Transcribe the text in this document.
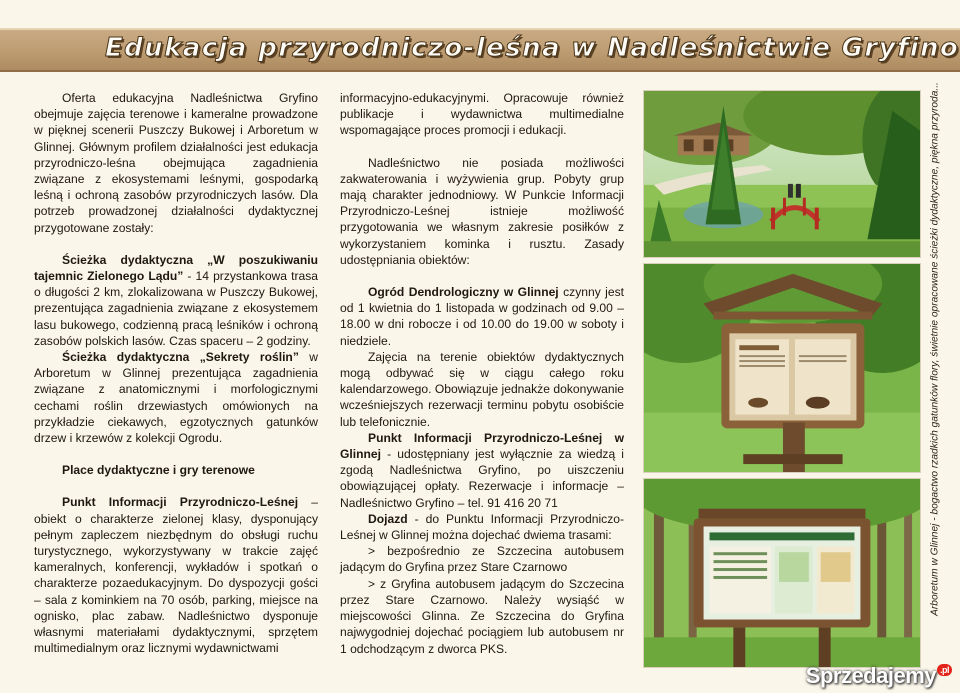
Edukacja przyrodniczo-leśna w Nadleśnictwie Gryfino

Oferta edukacyjna Nadleśnictwa Gryfino obejmuje zajęcia terenowe i kameralne prowadzone w pięknej scenerii Puszczy Bukowej i Arboretum w Glinnej. Głównym profilem działalności jest edukacja przyrodniczo-leśna obejmująca zagadnienia związane z ekosystemami leśnymi, gospodarką leśną i ochroną zasobów przyrodniczych lasów. Dla potrzeb prowadzonej działalności dydaktycznej przygotowane zostały:

Ścieżka dydaktyczna „W poszukiwaniu tajemnic Zielonego Lądu” - 14 przystankowa trasa o długości 2 km, zlokalizowana w Puszczy Bukowej, prezentująca zagadnienia związane z ekosystemem lasu bukowego, codzienną pracą leśników i ochroną zasobów polskich lasów. Czas spaceru – 2 godziny.

Ścieżka dydaktyczna „Sekrety roślin” w Arboretum w Glinnej prezentująca zagadnienia związane z anatomicznymi i morfologicznymi cechami roślin drzewiastych omówionych na przykładzie ciekawych, egzotycznych gatunków drzew i krzewów z kolekcji Ogrodu.

Place dydaktyczne i gry terenowe

Punkt Informacji Przyrodniczo-Leśnej – obiekt o charakterze zielonej klasy, dysponujący pełnym zapleczem niezbędnym do obsługi ruchu turystycznego, wykorzystywany w trakcie zajęć kameralnych, konferencji, wykładów i spotkań o charakterze pozaedukacyjnym. Do dyspozycji gości – sala z kominkiem na 70 osób, parking, miejsce na ognisko, plac zabaw. Nadleśnictwo dysponuje własnymi materiałami dydaktycznymi, sprzętem multimedialnym oraz licznymi wydawnictwami

informacyjno-edukacyjnymi. Opracowuje również publikacje i wydawnictwa multimedialne wspomagające proces promocji i edukacji.

Nadleśnictwo nie posiada możliwości zakwaterowania i wyżywienia grup. Pobyty grup mają charakter jednodniowy. W Punkcie Informacji Przyrodniczo-Leśnej istnieje możliwość przygotowania we własnym zakresie posiłków z wykorzystaniem kominka i rusztu. Zasady udostępniania obiektów:

Ogród Dendrologiczny w Glinnej czynny jest od 1 kwietnia do 1 listopada w godzinach od 9.00 – 18.00 w dni robocze i od 10.00 do 19.00 w soboty i niedziele.

Zajęcia na terenie obiektów dydaktycznych mogą odbywać się w ciągu całego roku kalendarzowego. Obowiązuje jednakże dokonywanie wcześniejszych rezerwacji terminu pobytu osobiście lub telefonicznie.

Punkt Informacji Przyrodniczo-Leśnej w Glinnej - udostępniany jest wyłącznie za wiedzą i zgodą Nadleśnictwa Gryfino, po uiszczeniu obowiązującej opłaty. Rezerwacje i informacje – Nadleśnictwo Gryfino – tel. 91 416 20 71

Dojazd - do Punktu Informacji Przyrodniczo-Leśnej w Glinnej można dojechać dwiema trasami:

> bezpośrednio ze Szczecina autobusem jadącym do Gryfina przez Stare Czarnowo

> z Gryfina autobusem jadącym do Szczecina przez Stare Czarnowo. Należy wysiąść w miejscowości Glinna. Ze Szczecina do Gryfina najwygodniej dojechać pociągiem lub autobusem nr 1 odchodzącym z dworca PKS.

Arboretum w Glinnej - bogactwo rzadkich gatunków flory, świetnie opracowane ścieżki dydaktyczne, piękna przyroda...
Sprzedajemy $^{.pl}$
